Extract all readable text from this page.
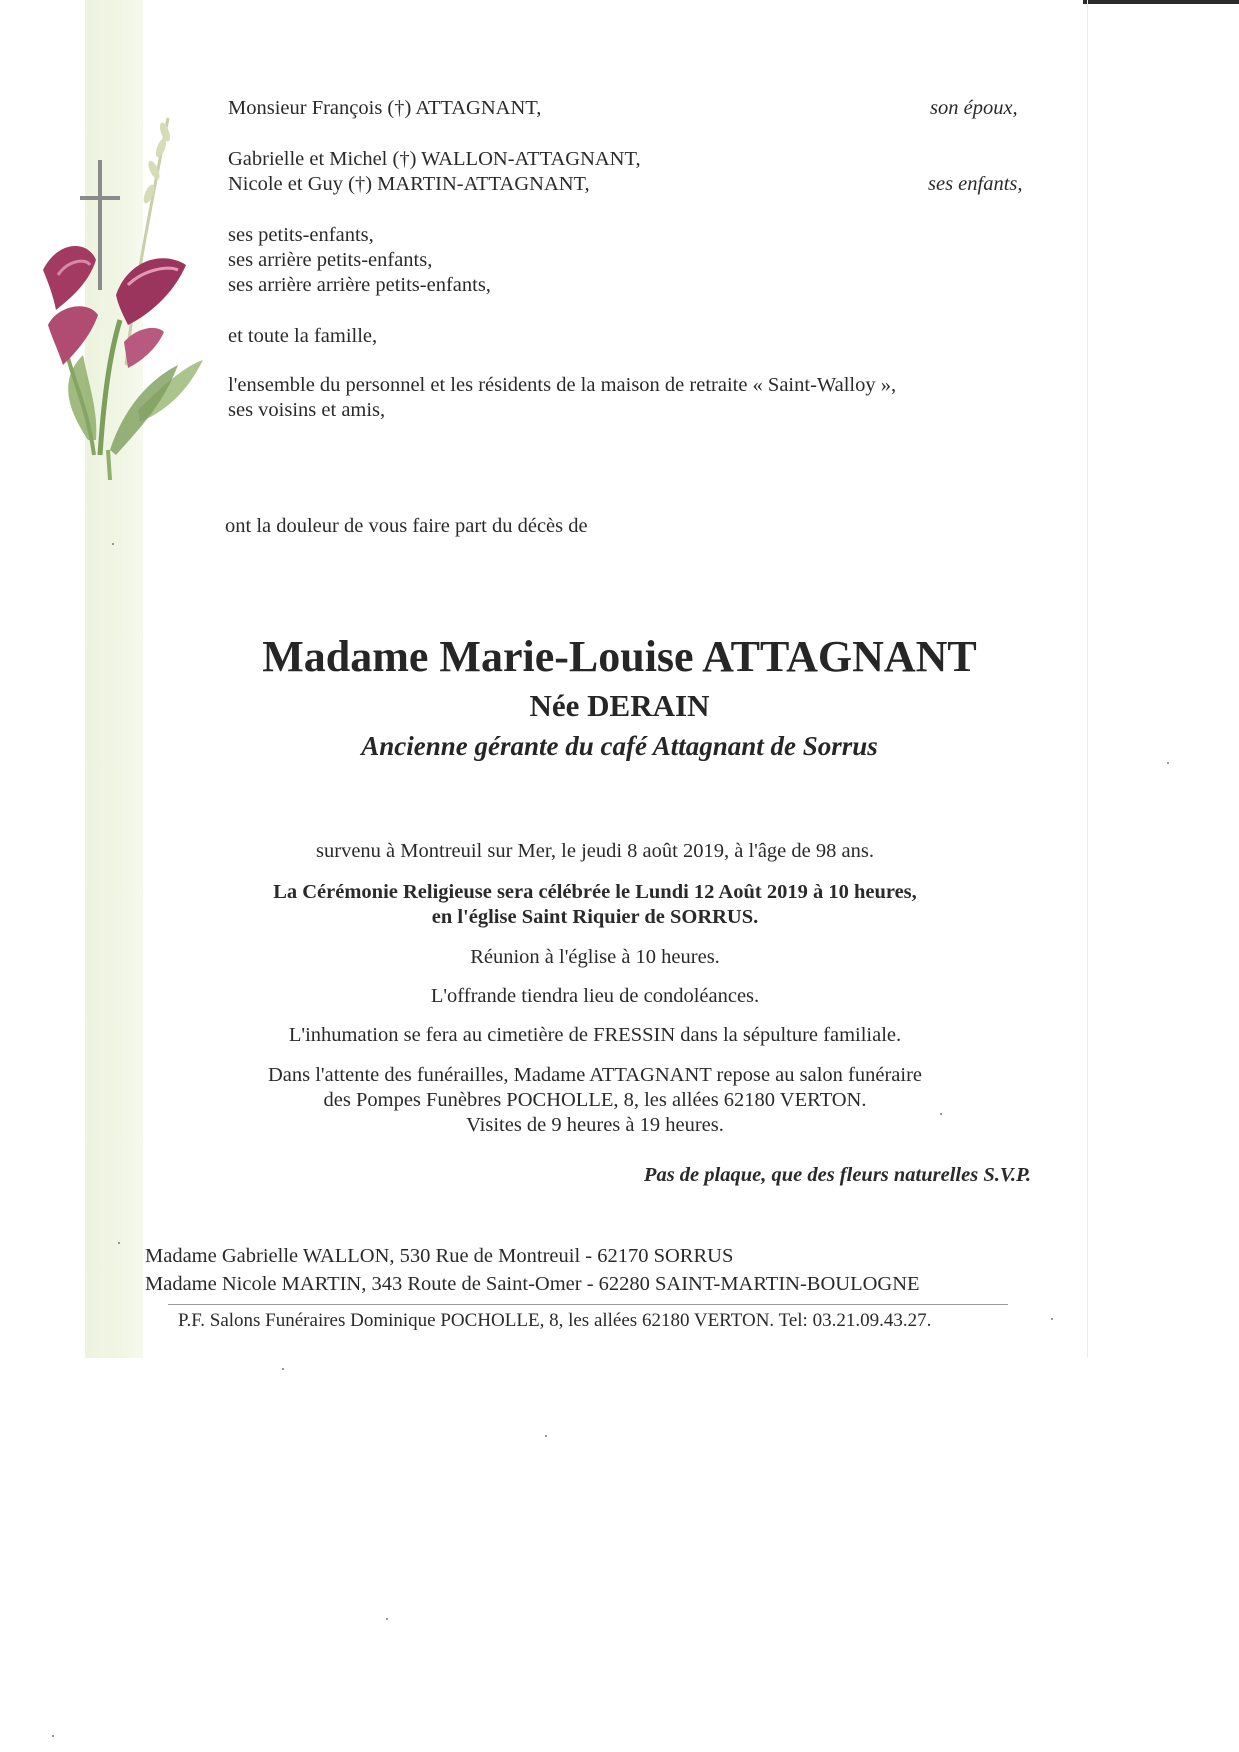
Monsieur François (†) ATTAGNANT,	son époux,

Gabrielle et Michel (†) WALLON-ATTAGNANT,

Nicole et Guy (†) MARTIN-ATTAGNANT,	ses enfants,

ses petits-enfants,

ses arrière petits-enfants,

ses arrière arrière petits-enfants,

et toute la famille,

l'ensemble du personnel et les résidents de la maison de retraite « Saint-Walloy »,

ses voisins et amis,

ont la douleur de vous faire part du décès de

Madame Marie-Louise ATTAGNANT
Née DERAIN
Ancienne gérante du café Attagnant de Sorrus
survenu à Montreuil sur Mer, le jeudi 8 août 2019, à l'âge de 98 ans.
La Cérémonie Religieuse sera célébrée le Lundi 12 Août 2019 à 10 heures,
en l'église Saint Riquier de SORRUS.
Réunion à l'église à 10 heures.
L'offrande tiendra lieu de condoléances.
L'inhumation se fera au cimetière de FRESSIN dans la sépulture familiale.
Dans l'attente des funérailles, Madame ATTAGNANT repose au salon funéraire
des Pompes Funèbres POCHOLLE, 8, les allées 62180 VERTON.
Visites de 9 heures à 19 heures.

Pas de plaque, que des fleurs naturelles S.V.P.

Madame Gabrielle WALLON, 530 Rue de Montreuil - 62170 SORRUS

Madame Nicole MARTIN, 343 Route de Saint-Omer - 62280 SAINT-MARTIN-BOULOGNE

P.F. Salons Funéraires Dominique POCHOLLE, 8, les allées 62180 VERTON. Tel: 03.21.09.43.27.
